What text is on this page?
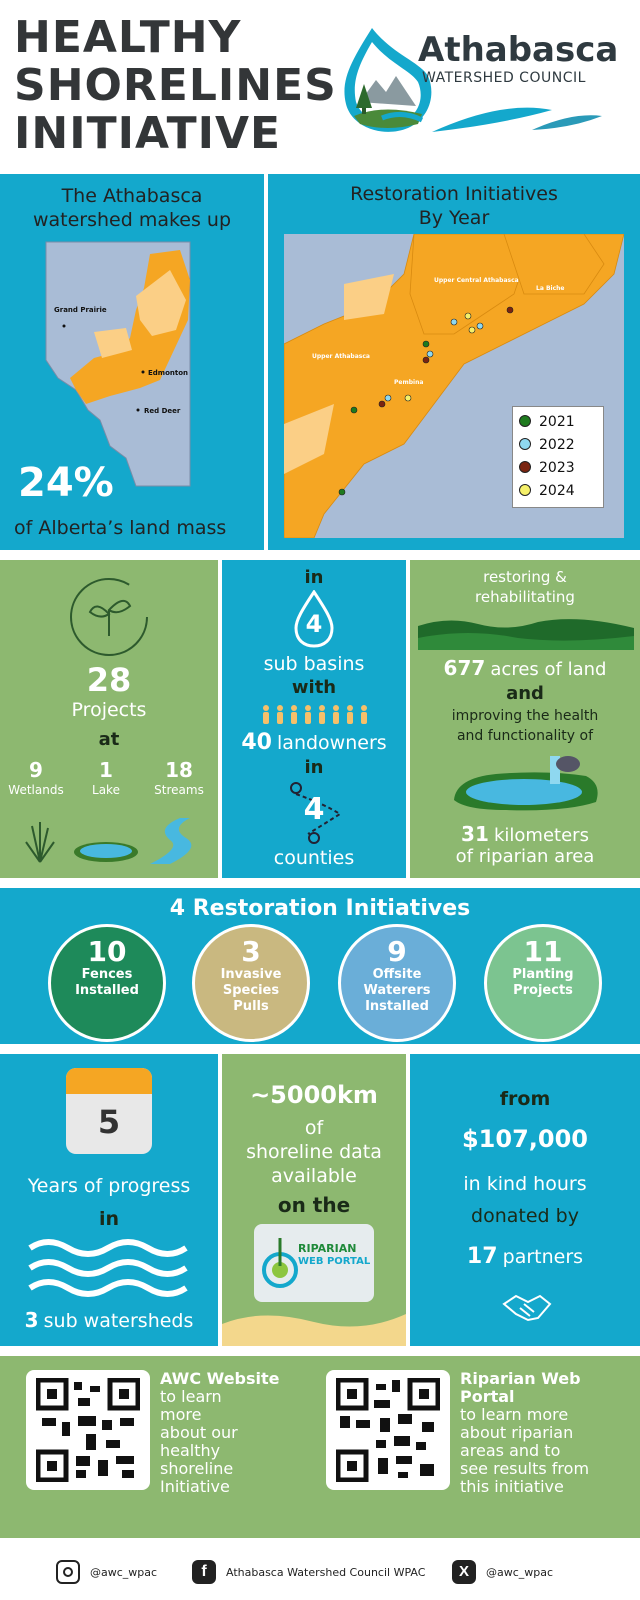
HEALTHY
SHORELINES
INITIATIVE
Athabasca
WATERSHED COUNCIL
The Athabasca
watershed makes up
Grand Prairie
Edmonton
Red Deer
24%
of Alberta’s land mass
Restoration Initiatives
By Year
Upper Central Athabasca
La Biche
Upper Athabasca
Pembina
2021
2022
2023
2024
28
Projects
at
9
Wetlands
1
Lake
18
Streams
in
4
sub basins
with
40 landowners
in
4
counties
restoring &
rehabilitating
677 acres of land
and
improving the health
and functionality of
31 kilometers
of riparian area
4 Restoration Initiatives
10
Fences Installed
3
Invasive Species Pulls
9
Offsite Waterers Installed
11
Planting Projects
5
Years of progress
in
3 sub watersheds
~5000km
of
shoreline data
available
on the
RIPARIAN
WEB PORTAL
from
$107,000
in kind hours
donated by
17 partners
AWC Website
to learn
more
about our
healthy
shoreline
Initiative
Riparian Web
Portal
to learn more
about riparian
areas and to
see results from
this initiative
@awc_wpac	f	Athabasca Watershed Council WPAC	X	@awc_wpac
